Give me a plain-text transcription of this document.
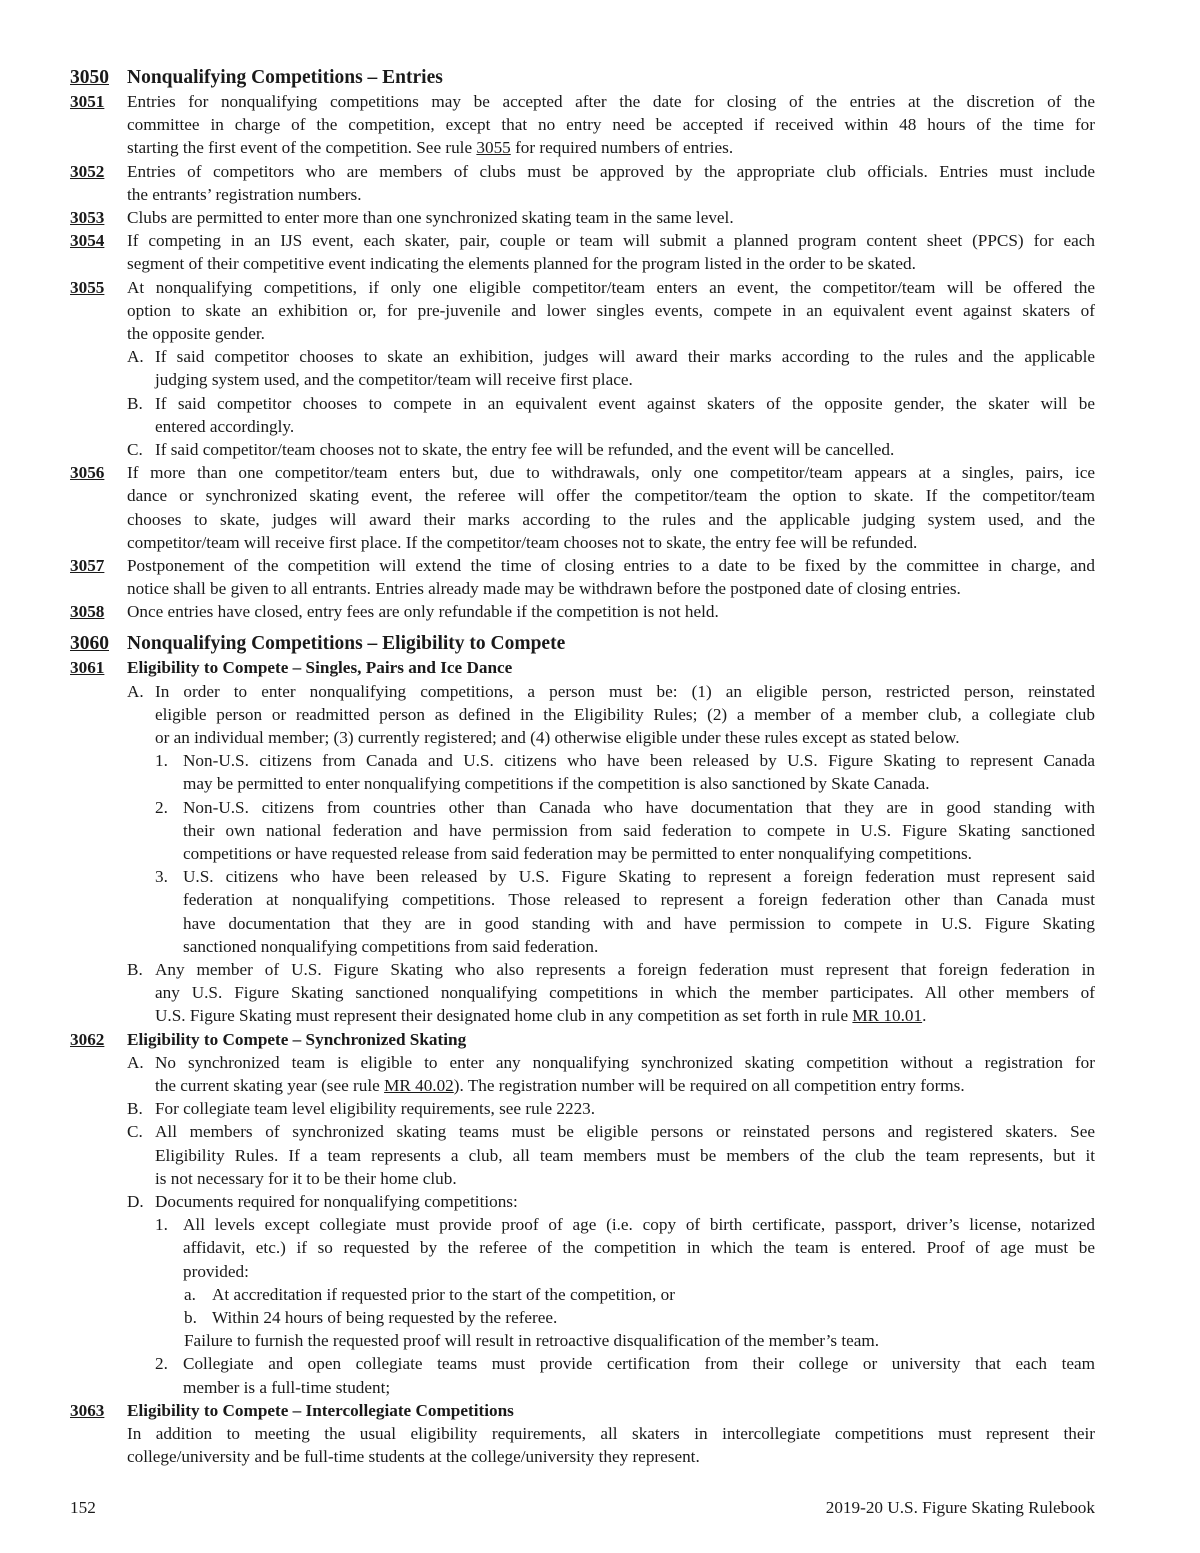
3050 Nonqualifying Competitions – Entries
3051	Entries for nonqualifying competitions may be accepted after the date for closing of the entries at the discretion of the
committee in charge of the competition, except that no entry need be accepted if received within 48 hours of the time for
starting the first event of the competition. See rule 3055 for required numbers of entries.
3052	Entries of competitors who are members of clubs must be approved by the appropriate club officials. Entries must include
the entrants’ registration numbers.
3053	Clubs are permitted to enter more than one synchronized skating team in the same level.
3054	If competing in an IJS event, each skater, pair, couple or team will submit a planned program content sheet (PPCS) for each
segment of their competitive event indicating the elements planned for the program listed in the order to be skated.
3055	At nonqualifying competitions, if only one eligible competitor/team enters an event, the competitor/team will be offered the
option to skate an exhibition or, for pre-juvenile and lower singles events, compete in an equivalent event against skaters of
the opposite gender.
A. If said competitor chooses to skate an exhibition, judges will award their marks according to the rules and the applicable
judging system used, and the competitor/team will receive first place.
B. If said competitor chooses to compete in an equivalent event against skaters of the opposite gender, the skater will be
entered accordingly.
C. If said competitor/team chooses not to skate, the entry fee will be refunded, and the event will be cancelled.
3056	If more than one competitor/team enters but, due to withdrawals, only one competitor/team appears at a singles, pairs, ice
dance or synchronized skating event, the referee will offer the competitor/team the option to skate. If the competitor/team
chooses to skate, judges will award their marks according to the rules and the applicable judging system used, and the
competitor/team will receive first place. If the competitor/team chooses not to skate, the entry fee will be refunded.
3057	Postponement of the competition will extend the time of closing entries to a date to be fixed by the committee in charge, and
notice shall be given to all entrants. Entries already made may be withdrawn before the postponed date of closing entries.
3058	Once entries have closed, entry fees are only refundable if the competition is not held.
3060 Nonqualifying Competitions – Eligibility to Compete
3061 Eligibility to Compete – Singles, Pairs and Ice Dance
A. In order to enter nonqualifying competitions, a person must be: (1) an eligible person, restricted person, reinstated
eligible person or readmitted person as defined in the Eligibility Rules; (2) a member of a member club, a collegiate club
or an individual member; (3) currently registered; and (4) otherwise eligible under these rules except as stated below.
1. Non-U.S. citizens from Canada and U.S. citizens who have been released by U.S. Figure Skating to represent Canada
may be permitted to enter nonqualifying competitions if the competition is also sanctioned by Skate Canada.
2. Non-U.S. citizens from countries other than Canada who have documentation that they are in good standing with
their own national federation and have permission from said federation to compete in U.S. Figure Skating sanctioned
competitions or have requested release from said federation may be permitted to enter nonqualifying competitions.
3. U.S. citizens who have been released by U.S. Figure Skating to represent a foreign federation must represent said
federation at nonqualifying competitions. Those released to represent a foreign federation other than Canada must
have documentation that they are in good standing with and have permission to compete in U.S. Figure Skating
sanctioned nonqualifying competitions from said federation.
B. Any member of U.S. Figure Skating who also represents a foreign federation must represent that foreign federation in
any U.S. Figure Skating sanctioned nonqualifying competitions in which the member participates. All other members of
U.S. Figure Skating must represent their designated home club in any competition as set forth in rule MR 10.01.
3062 Eligibility to Compete – Synchronized Skating
A. No synchronized team is eligible to enter any nonqualifying synchronized skating competition without a registration for
the current skating year (see rule MR 40.02). The registration number will be required on all competition entry forms.
B. For collegiate team level eligibility requirements, see rule 2223.
C. All members of synchronized skating teams must be eligible persons or reinstated persons and registered skaters. See
Eligibility Rules. If a team represents a club, all team members must be members of the club the team represents, but it
is not necessary for it to be their home club.
D. Documents required for nonqualifying competitions:
1. All levels except collegiate must provide proof of age (i.e. copy of birth certificate, passport, driver’s license, notarized
affidavit, etc.) if so requested by the referee of the competition in which the team is entered. Proof of age must be
provided:
a. At accreditation if requested prior to the start of the competition, or
b. Within 24 hours of being requested by the referee.
Failure to furnish the requested proof will result in retroactive disqualification of the member’s team.
2. Collegiate and open collegiate teams must provide certification from their college or university that each team
member is a full-time student;
3063 Eligibility to Compete – Intercollegiate Competitions
In addition to meeting the usual eligibility requirements, all skaters in intercollegiate competitions must represent their
college/university and be full-time students at the college/university they represent.
152	2019-20 U.S. Figure Skating Rulebook
